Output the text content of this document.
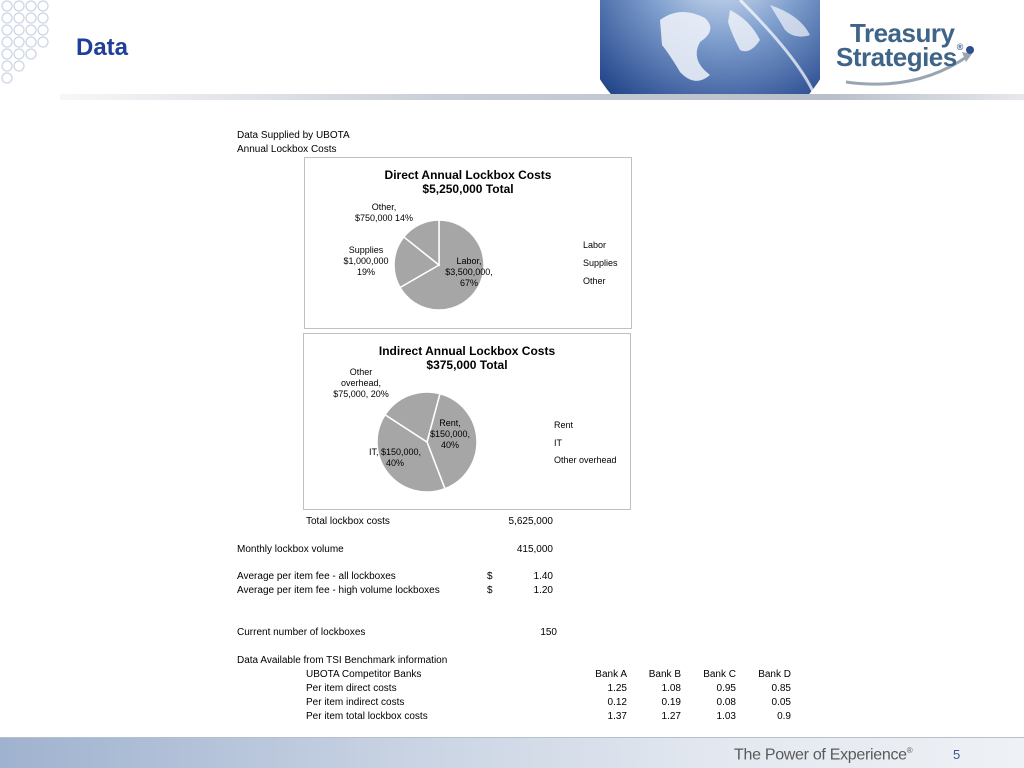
Data	Treasury
Strategies®
Data Supplied by UBOTA
Annual Lockbox Costs
Direct Annual Lockbox Costs
$5,250,000 Total
Labor,
$3,500,000,
67%
Supplies
$1,000,000
19%
Other,
$750,000 14%
Labor
Supplies
Other
Indirect Annual Lockbox Costs
$375,000 Total
Rent,
$150,000,
40%
IT, $150,000,
40%
Other
overhead,
$75,000, 20%
Rent
IT
Other overhead
Total lockbox costs	5,625,000
Monthly lockbox volume	415,000
Average per item fee - all lockboxes	$	1.40
Average per item fee - high volume lockboxes	$	1.20
Current number of lockboxes	150
Data Available from TSI Benchmark information
UBOTA Competitor Banks	Bank A	Bank B	Bank C	Bank D
Per item direct costs	1.25	1.08	0.95	0.85
Per item indirect costs	0.12	0.19	0.08	0.05
Per item total lockbox costs	1.37	1.27	1.03	0.9
The Power of Experience®	5
